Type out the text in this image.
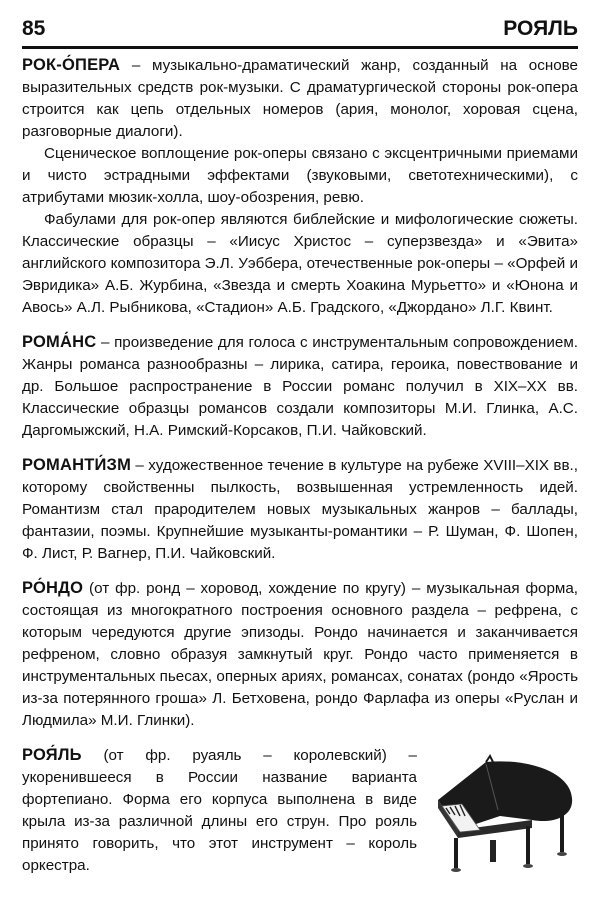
85	РОЯЛЬ

РОК-О́ПЕРА – музыкально-драматический жанр, созданный на основе выразительных средств рок-музыки. С драматургической стороны рок-опера строится как цепь отдельных номеров (ария, монолог, хоровая сцена, разговорные диалоги).

Сценическое воплощение рок-оперы связано с эксцентричными приемами и чисто эстрадными эффектами (звуковыми, светотехническими), с атрибутами мюзик-холла, шоу-обозрения, ревю.

Фабулами для рок-опер являются библейские и мифологические сюжеты. Классические образцы – «Иисус Христос – суперзвезда» и «Эвита» английского композитора Э.Л. Уэббера, отечественные рок-оперы – «Орфей и Эвридика» А.Б. Журбина, «Звезда и смерть Хоакина Мурьетто» и «Юнона и Авось» А.Л. Рыбникова, «Стадион» А.Б. Градского, «Джордано» Л.Г. Квинт.

РОМА́НС – произведение для голоса с инструментальным сопровождением. Жанры романса разнообразны – лирика, сатира, героика, повествование и др. Большое распространение в России романс получил в XIX–XX вв. Классические образцы романсов создали композиторы М.И. Глинка, А.С. Даргомыжский, Н.А. Римский-Корсаков, П.И. Чайковский.

РОМАНТИ́ЗМ – художественное течение в культуре на рубеже XVIII–XIX вв., которому свойственны пылкость, возвышенная устремленность идей. Романтизм стал прародителем новых музыкальных жанров – баллады, фантазии, поэмы. Крупнейшие музыканты-романтики – Р. Шуман, Ф. Шопен, Ф. Лист, Р. Вагнер, П.И. Чайковский.

РО́НДО (от фр. ронд – хоровод, хождение по кругу) – музыкальная форма, состоящая из многократного построения основного раздела – рефрена, с которым чередуются другие эпизоды. Рондо начинается и заканчивается рефреном, словно образуя замкнутый круг. Рондо часто применяется в инструментальных пьесах, оперных ариях, романсах, сонатах (рондо «Ярость из-за потерянного гроша» Л. Бетховена, рондо Фарлафа из оперы «Руслан и Людмила» М.И. Глинки).

РОЯ́ЛЬ (от фр. руаяль – королевский) – укоренившееся в России название варианта фортепиано. Форма его корпуса выполнена в виде крыла из-за различной длины его струн. Про рояль принято говорить, что этот инструмент – король оркестра.
